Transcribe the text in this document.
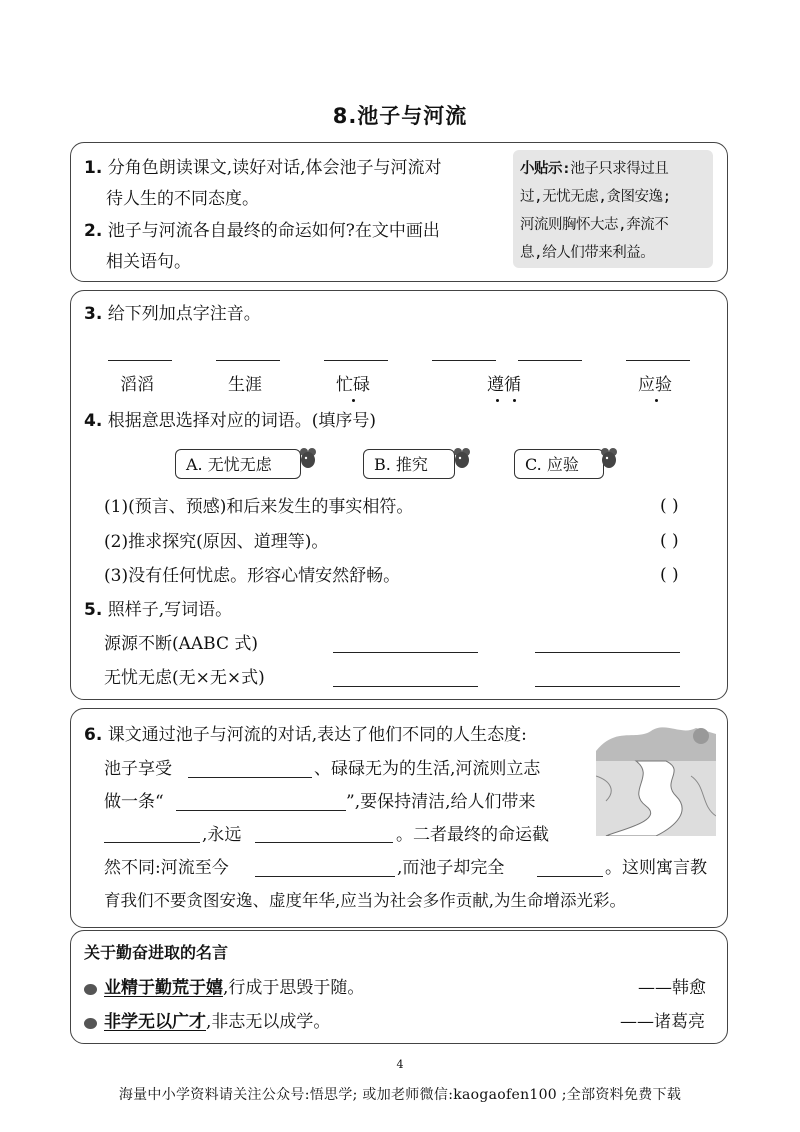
8.池子与河流
1. 分角色朗读课文,读好对话,体会池子与河流对
待人生的不同态度。
2. 池子与河流各自最终的命运如何?在文中画出
相关语句。
小贴示:池子只求得过且
过,无忧无虑,贪图安逸;
河流则胸怀大志,奔流不
息,给人们带来利益。
3. 给下列加点字注音。
滔滔	生涯	忙碌	遵循	应验
4. 根据意思选择对应的词语。(填序号)
A. 无忧无虑	B. 推究	C. 应验
(1)(预言、预感)和后来发生的事实相符。	( )
(2)推求探究(原因、道理等)。	( )
(3)没有任何忧虑。形容心情安然舒畅。	( )
5. 照样子,写词语。
源源不断(AABC 式)
无忧无虑(无×无×式)
6. 课文通过池子与河流的对话,表达了他们不同的人生态度:
池子享受	、碌碌无为的生活,河流则立志
做一条“	”,要保持清洁,给人们带来
,永远	。二者最终的命运截
然不同:河流至今	,而池子却完全	。这则寓言教
育我们不要贪图安逸、虚度年华,应当为社会多作贡献,为生命增添光彩。
关于勤奋进取的名言
业精于勤荒于嬉,行成于思毁于随。	——韩愈
非学无以广才,非志无以成学。	——诸葛亮
4
海量中小学资料请关注公众号:悟思学; 或加老师微信:kaogaofen100 ;全部资料免费下载
